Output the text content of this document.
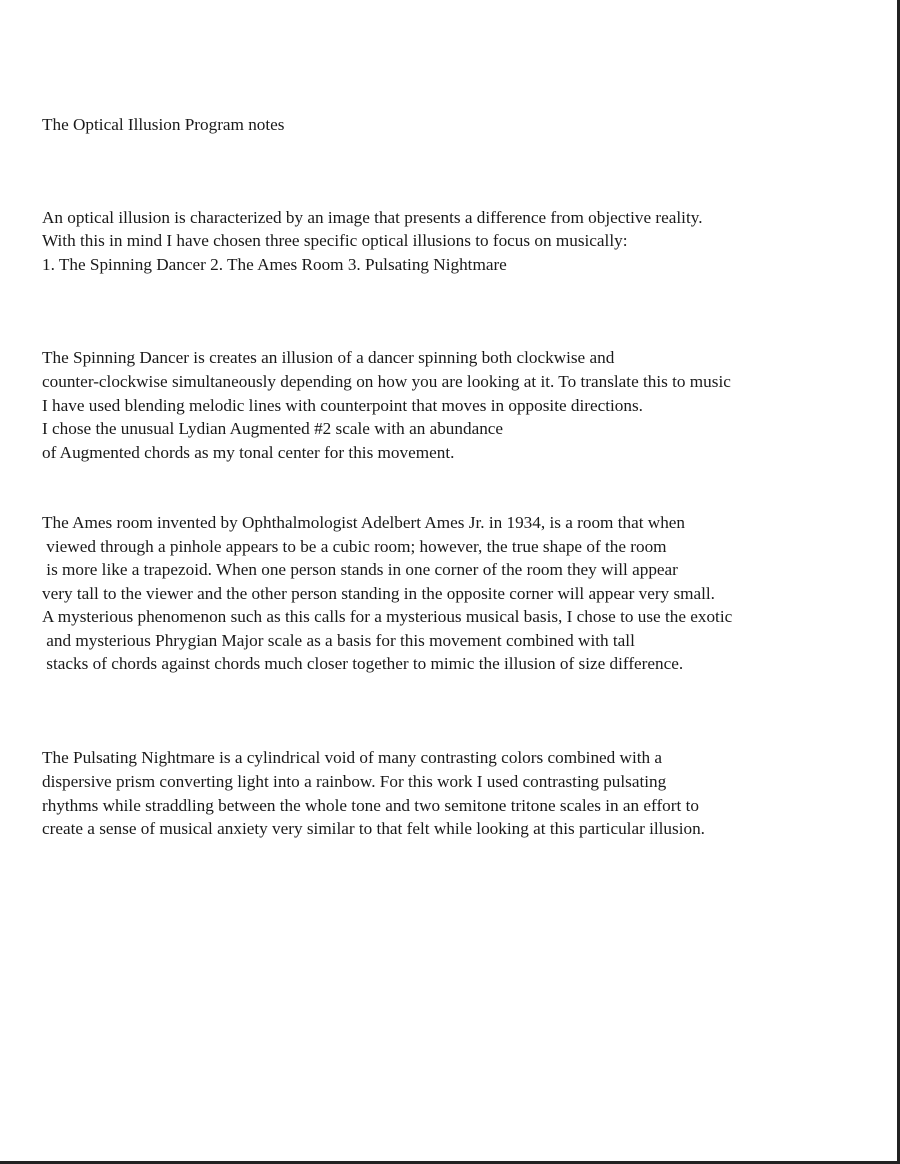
The Optical Illusion Program notes

An optical illusion is characterized by an image that presents a difference from objective reality.

With this in mind I have chosen three specific optical illusions to focus on musically:

1. The Spinning Dancer 2. The Ames Room 3. Pulsating Nightmare

The Spinning Dancer is creates an illusion of a dancer spinning both clockwise and

counter-clockwise simultaneously depending on how you are looking at it. To translate this to music

I have used blending melodic lines with counterpoint that moves in opposite directions.

I chose the unusual Lydian Augmented #2 scale with an abundance

of Augmented chords as my tonal center for this movement.

The Ames room invented by Ophthalmologist Adelbert Ames Jr. in 1934, is a room that when

viewed through a pinhole appears to be a cubic room; however, the true shape of the room

is more like a trapezoid. When one person stands in one corner of the room they will appear

very tall to the viewer and the other person standing in the opposite corner will appear very small.

A mysterious phenomenon such as this calls for a mysterious musical basis, I chose to use the exotic

and mysterious Phrygian Major scale as a basis for this movement combined with tall

stacks of chords against chords much closer together to mimic the illusion of size difference.

The Pulsating Nightmare is a cylindrical void of many contrasting colors combined with a

dispersive prism converting light into a rainbow. For this work I used contrasting pulsating

rhythms while straddling between the whole tone and two semitone tritone scales in an effort to

create a sense of musical anxiety very similar to that felt while looking at this particular illusion.
